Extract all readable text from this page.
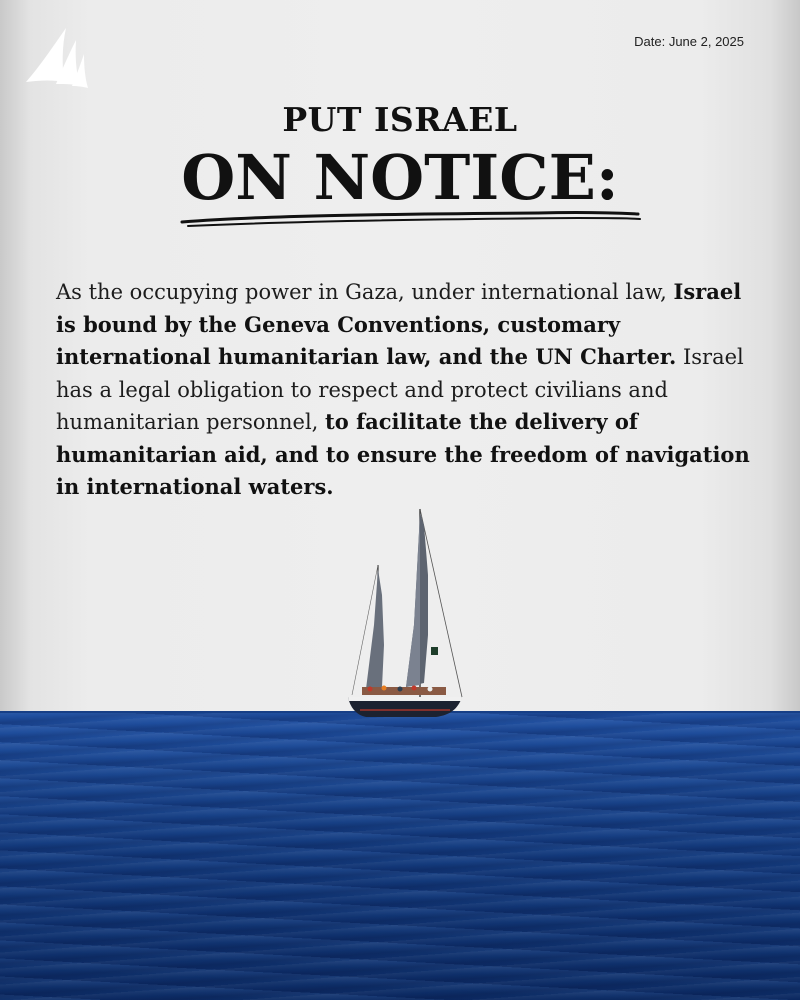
Date: June 2, 2025
PUT ISRAEL
ON NOTICE:
As the occupying power in Gaza, under international law, Israel is bound by the Geneva Conventions, customary international humanitarian law, and the UN Charter. Israel has a legal obligation to respect and protect civilians and humanitarian personnel, to facilitate the delivery of humanitarian aid, and to ensure the freedom of navigation in international waters.
